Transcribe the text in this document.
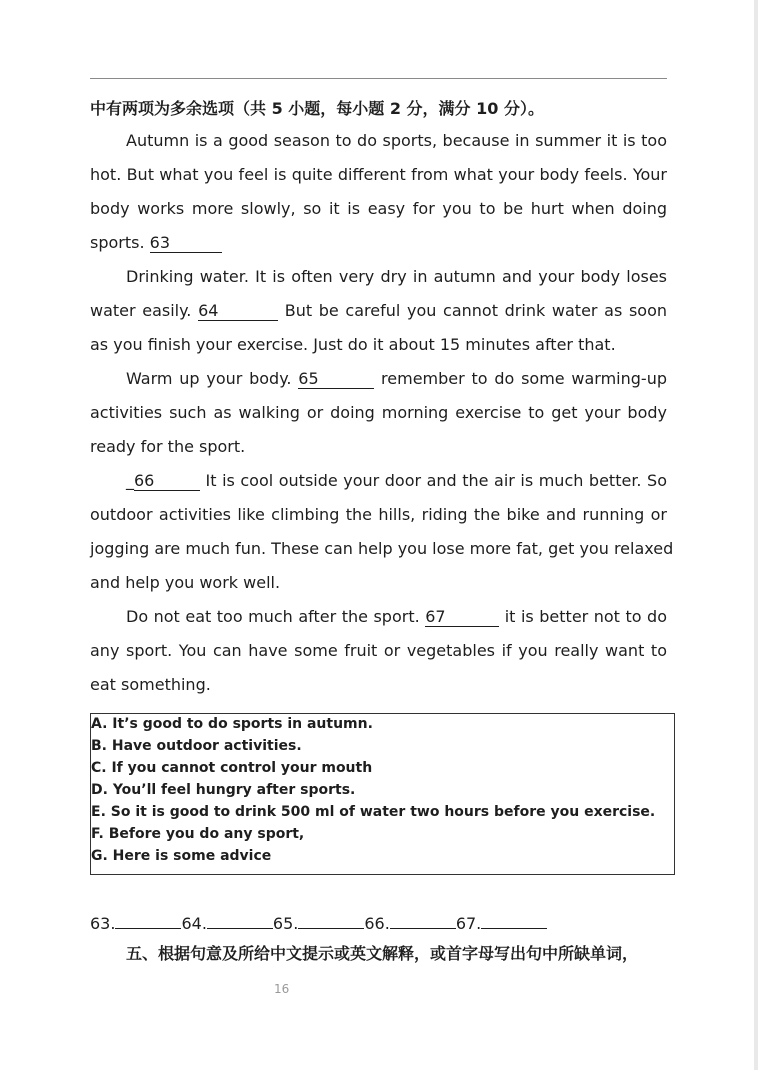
中有两项为多余选项（共 5 小题，每小题 2 分，满分 10 分）。
Autumn is a good season to do sports, because in summer it is too
hot. But what you feel is quite different from what your body feels. Your
body works more slowly, so it is easy for you to be hurt when doing
sports. 63
Drinking water. It is often very dry in autumn and your body loses
water easily. 64	But be careful you cannot drink water as soon
as you finish your exercise. Just do it about 15 minutes after that.
Warm up your body. 65	remember to do some warming-up
activities such as walking or doing morning exercise to get your body
ready for the sport.
_66	It is cool outside your door and the air is much better. So
outdoor activities like climbing the hills, riding the bike and running or
jogging are much fun. These can help you lose more fat, get you relaxed
and help you work well.
Do not eat too much after the sport. 67	it is better not to do
any sport. You can have some fruit or vegetables if you really want to
eat something.
A. It’s good to do sports in autumn.
B. Have outdoor activities.
C. If you cannot control your mouth
D. You’ll feel hungry after sports.
E. So it is good to drink 500 ml of water two hours before you exercise.
F. Before you do any sport,
G. Here is some advice
63.	64.	65.	66.	67.
五、根据句意及所给中文提示或英文解释，或首字母写出句中所缺单词，
16
